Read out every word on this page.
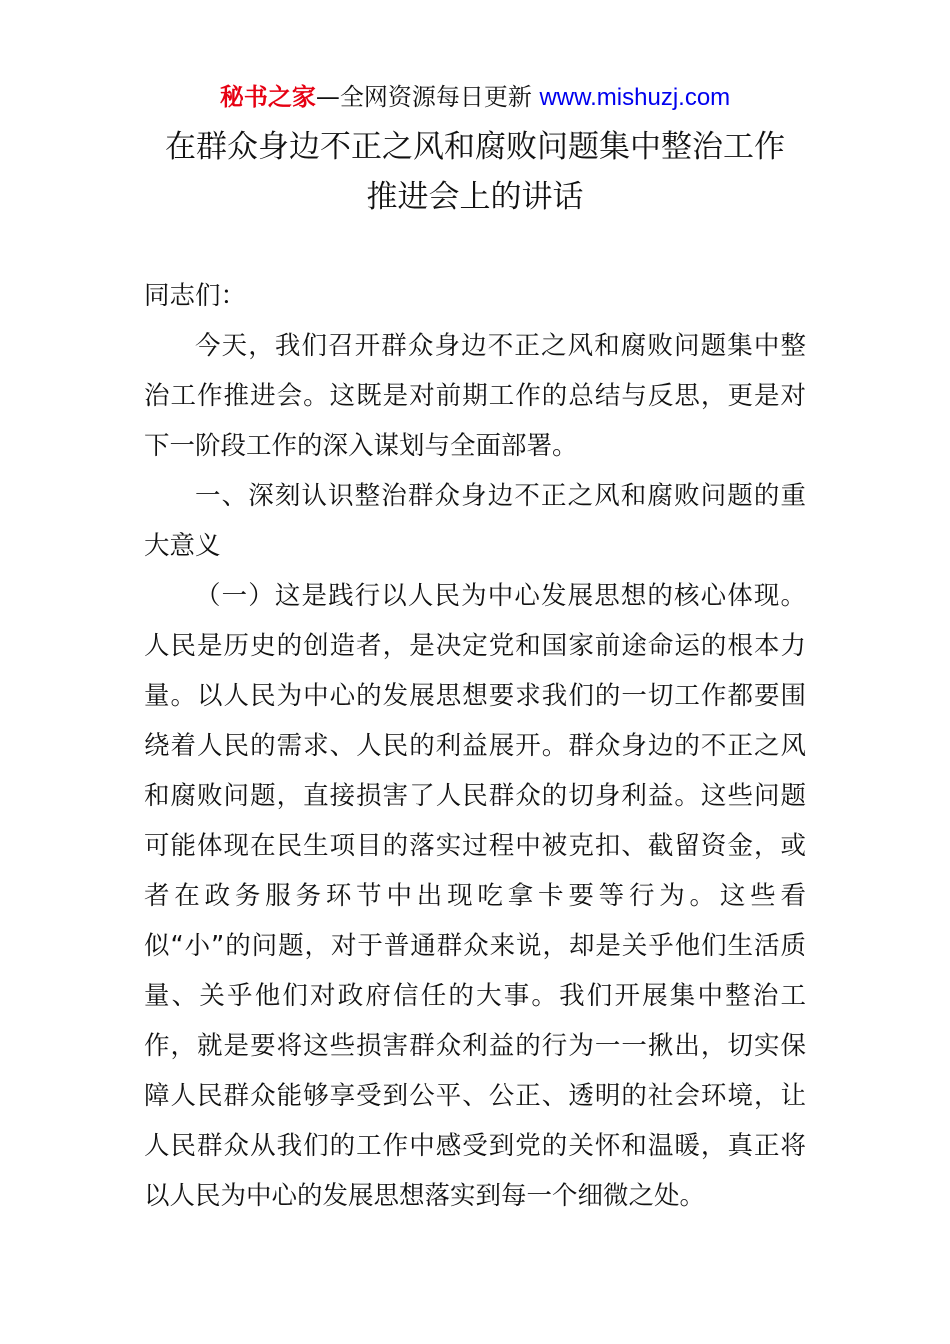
秘书之家—全网资源每日更新 www.mishuzj.com
在群众身边不正之风和腐败问题集中整治工作
推进会上的讲话

同志们：

今天，我们召开群众身边不正之风和腐败问题集中整治工作推进会。这既是对前期工作的总结与反思，更是对下一阶段工作的深入谋划与全面部署。

一、深刻认识整治群众身边不正之风和腐败问题的重大意义

（一）这是践行以人民为中心发展思想的核心体现。人民是历史的创造者，是决定党和国家前途命运的根本力量。以人民为中心的发展思想要求我们的一切工作都要围绕着人民的需求、人民的利益展开。群众身边的不正之风和腐败问题，直接损害了人民群众的切身利益。这些问题可能体现在民生项目的落实过程中被克扣、截留资金，或者在政务服务环节中出现吃拿卡要等行为。这些看似“小”的问题，对于普通群众来说，却是关乎他们生活质量、关乎他们对政府信任的大事。我们开展集中整治工作，就是要将这些损害群众利益的行为一一揪出，切实保障人民群众能够享受到公平、公正、透明的社会环境，让人民群众从我们的工作中感受到党的关怀和温暖，真正将以人民为中心的发展思想落实到每一个细微之处。
